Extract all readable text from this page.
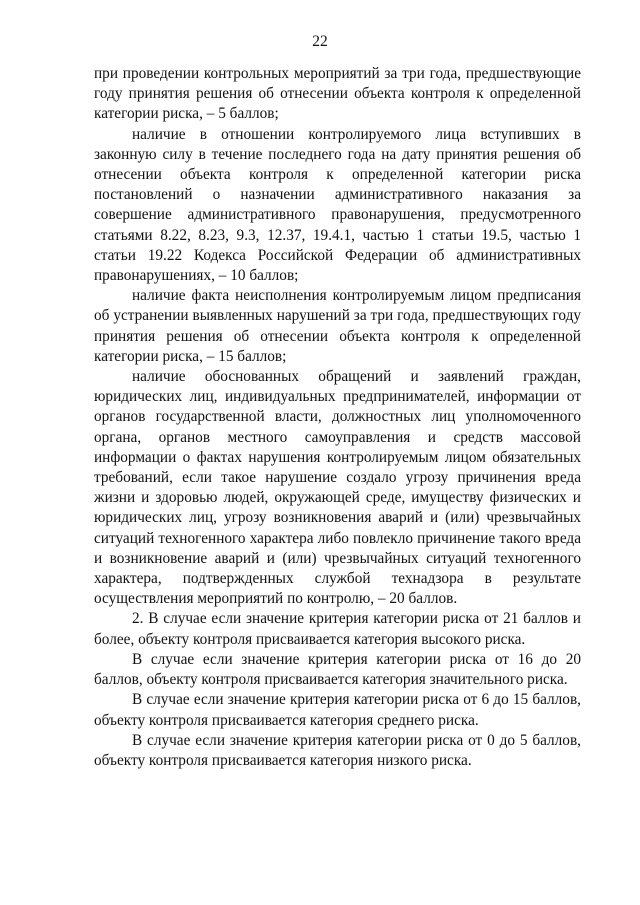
22

при проведении контрольных мероприятий за три года, предшествующие году принятия решения об отнесении объекта контроля к определенной категории риска, – 5 баллов;

наличие в отношении контролируемого лица вступивших в законную силу в течение последнего года на дату принятия решения об отнесении объекта контроля к определенной категории риска постановлений о назначении административного наказания за совершение административного правонарушения, предусмотренного статьями 8.22, 8.23, 9.3, 12.37, 19.4.1, частью 1 статьи 19.5, частью 1 статьи 19.22 Кодекса Российской Федерации об административных правонарушениях, – 10 баллов;

наличие факта неисполнения контролируемым лицом предписания об устранении выявленных нарушений за три года, предшествующих году принятия решения об отнесении объекта контроля к определенной категории риска, – 15 баллов;

наличие обоснованных обращений и заявлений граждан, юридических лиц, индивидуальных предпринимателей, информации от органов государственной власти, должностных лиц уполномоченного органа, органов местного самоуправления и средств массовой информации о фактах нарушения контролируемым лицом обязательных требований, если такое нарушение создало угрозу причинения вреда жизни и здоровью людей, окружающей среде, имуществу физических и юридических лиц, угрозу возникновения аварий и (или) чрезвычайных ситуаций техногенного характера либо повлекло причинение такого вреда и возникновение аварий и (или) чрезвычайных ситуаций техногенного характера, подтвержденных службой технадзора в результате осуществления мероприятий по контролю, – 20 баллов.

2. В случае если значение критерия категории риска от 21 баллов и более, объекту контроля присваивается категория высокого риска.

В случае если значение критерия категории риска от 16 до 20 баллов, объекту контроля присваивается категория значительного риска.

В случае если значение критерия категории риска от 6 до 15 баллов, объекту контроля присваивается категория среднего риска.

В случае если значение критерия категории риска от 0 до 5 баллов, объекту контроля присваивается категория низкого риска.
